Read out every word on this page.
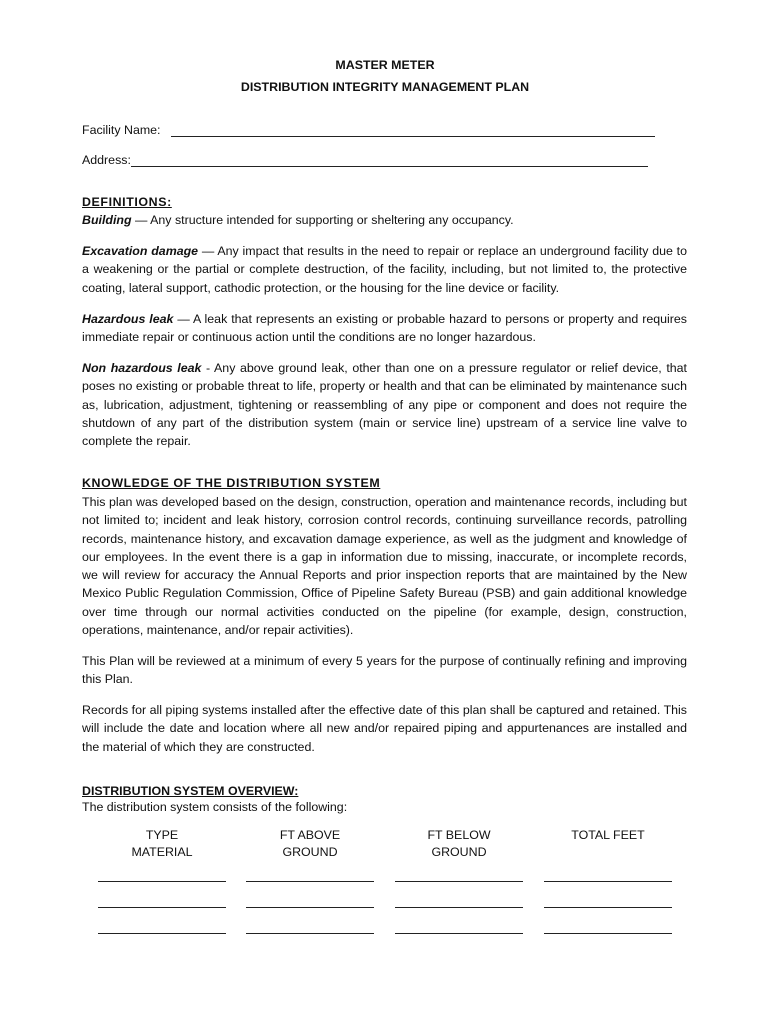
MASTER METER
DISTRIBUTION INTEGRITY MANAGEMENT PLAN
Facility Name:
Address:
DEFINITIONS:
Building — Any structure intended for supporting or sheltering any occupancy.
Excavation damage — Any impact that results in the need to repair or replace an underground facility due to a weakening or the partial or complete destruction, of the facility, including, but not limited to, the protective coating, lateral support, cathodic protection, or the housing for the line device or facility.
Hazardous leak — A leak that represents an existing or probable hazard to persons or property and requires immediate repair or continuous action until the conditions are no longer hazardous.
Non hazardous leak - Any above ground leak, other than one on a pressure regulator or relief device, that poses no existing or probable threat to life, property or health and that can be eliminated by maintenance such as, lubrication, adjustment, tightening or reassembling of any pipe or component and does not require the shutdown of any part of the distribution system (main or service line) upstream of a service line valve to complete the repair.
KNOWLEDGE OF THE DISTRIBUTION SYSTEM
This plan was developed based on the design, construction, operation and maintenance records, including but not limited to; incident and leak history, corrosion control records, continuing surveillance records, patrolling records, maintenance history, and excavation damage experience, as well as the judgment and knowledge of our employees. In the event there is a gap in information due to missing, inaccurate, or incomplete records, we will review for accuracy the Annual Reports and prior inspection reports that are maintained by the New Mexico Public Regulation Commission, Office of Pipeline Safety Bureau (PSB) and gain additional knowledge over time through our normal activities conducted on the pipeline (for example, design, construction, operations, maintenance, and/or repair activities).
This Plan will be reviewed at a minimum of every 5 years for the purpose of continually refining and improving this Plan.
Records for all piping systems installed after the effective date of this plan shall be captured and retained. This will include the date and location where all new and/or repaired piping and appurtenances are installed and the material of which they are constructed.
DISTRIBUTION SYSTEM OVERVIEW:
The distribution system consists of the following:
TYPE
MATERIAL
FT ABOVE
GROUND
FT BELOW
GROUND
TOTAL FEET
